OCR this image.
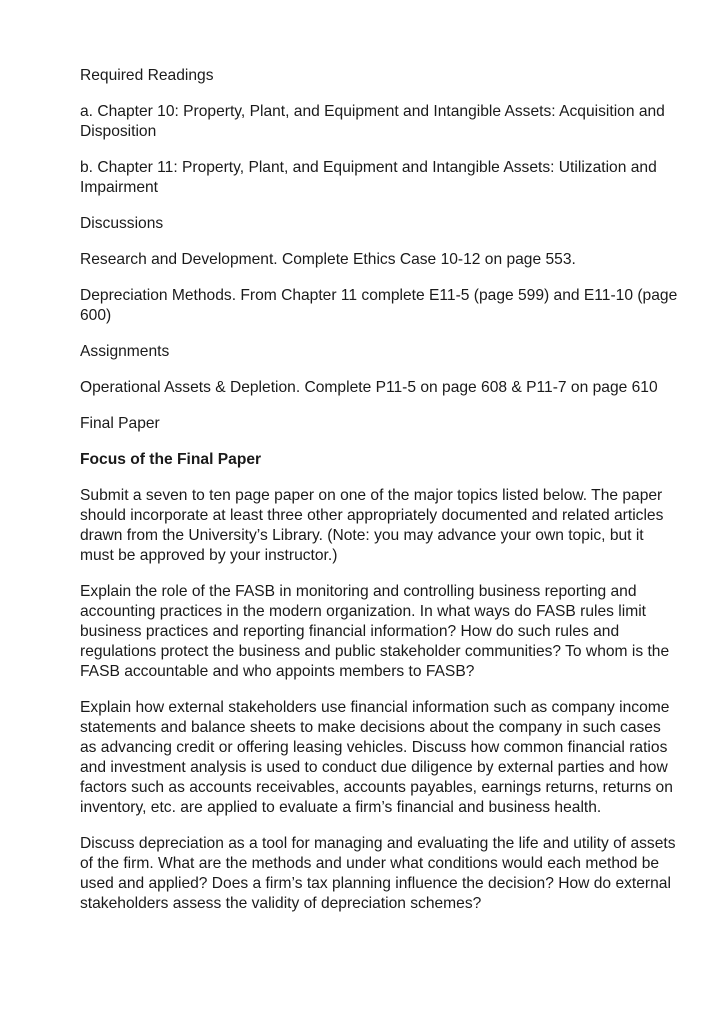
Required Readings

a. Chapter 10: Property, Plant, and Equipment and Intangible Assets: Acquisition and Disposition

b. Chapter 11: Property, Plant, and Equipment and Intangible Assets: Utilization and Impairment

Discussions

Research and Development. Complete Ethics Case 10-12 on page 553.

Depreciation Methods. From Chapter 11 complete E11-5 (page 599) and E11-10 (page 600)

Assignments

Operational Assets & Depletion. Complete P11-5 on page 608 & P11-7 on page 610

Final Paper

Focus of the Final Paper

Submit a seven to ten page paper on one of the major topics listed below. The paper should incorporate at least three other appropriately documented and related articles drawn from the University’s Library. (Note: you may advance your own topic, but it must be approved by your instructor.)

Explain the role of the FASB in monitoring and controlling business reporting and accounting practices in the modern organization. In what ways do FASB rules limit business practices and reporting financial information? How do such rules and regulations protect the business and public stakeholder communities? To whom is the FASB accountable and who appoints members to FASB?

Explain how external stakeholders use financial information such as company income statements and balance sheets to make decisions about the company in such cases as advancing credit or offering leasing vehicles. Discuss how common financial ratios and investment analysis is used to conduct due diligence by external parties and how factors such as accounts receivables, accounts payables, earnings returns, returns on inventory, etc. are applied to evaluate a firm’s financial and business health.

Discuss depreciation as a tool for managing and evaluating the life and utility of assets of the firm. What are the methods and under what conditions would each method be used and applied? Does a firm’s tax planning influence the decision? How do external stakeholders assess the validity of depreciation schemes?
